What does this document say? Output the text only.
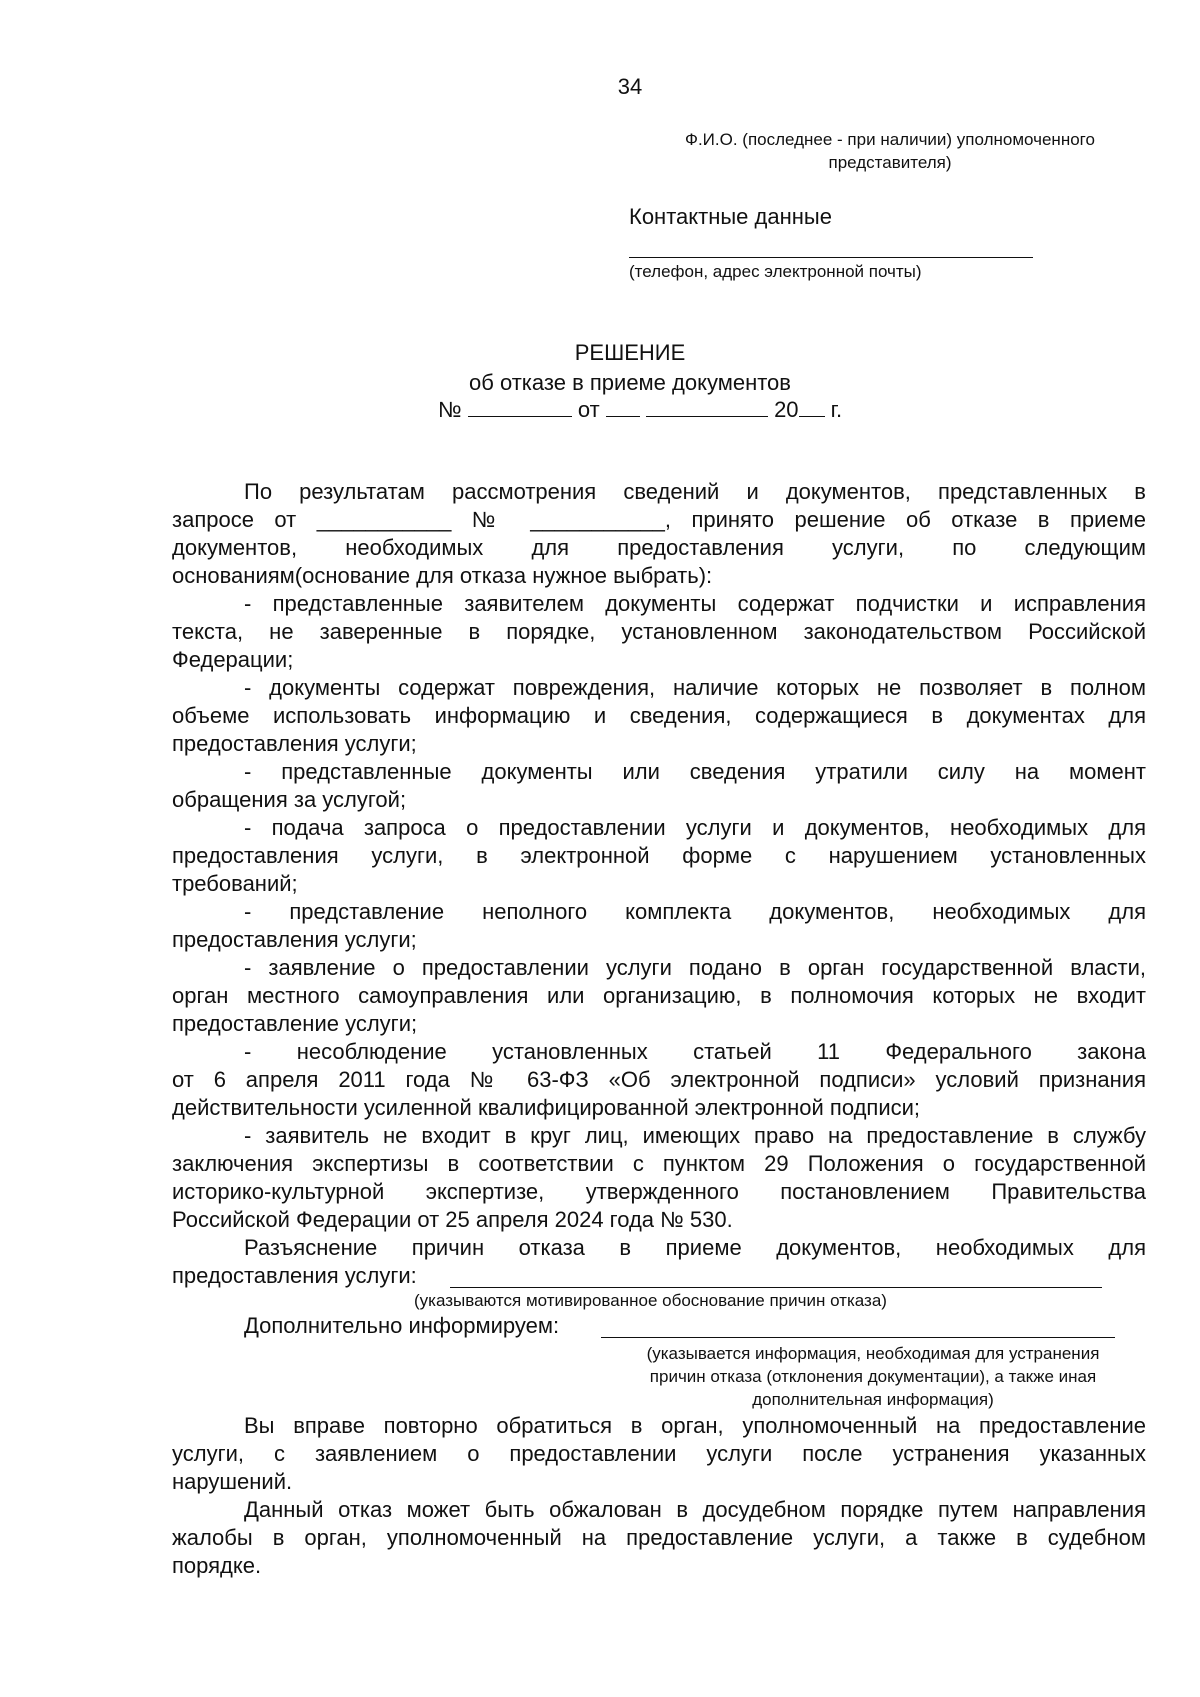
34
Ф.И.О. (последнее - при наличии) уполномоченного
представителя)
Контактные данные
(телефон, адрес электронной почты)
РЕШЕНИЕ
об отказе в приеме документов
№	от	20 г.
По результатам рассмотрения сведений и документов, представленных в
запросе от ___________ № ___________, принято решение об отказе в приеме
документов, необходимых для предоставления услуги, по следующим
основаниям(основание для отказа нужное выбрать):
- представленные заявителем документы содержат подчистки и исправления
текста, не заверенные в порядке, установленном законодательством Российской
Федерации;
- документы содержат повреждения, наличие которых не позволяет в полном
объеме использовать информацию и сведения, содержащиеся в документах для
предоставления услуги;
- представленные документы или сведения утратили силу на момент
обращения за услугой;
- подача запроса о предоставлении услуги и документов, необходимых для
предоставления услуги, в электронной форме с нарушением установленных
требований;
- представление неполного комплекта документов, необходимых для
предоставления услуги;
- заявление о предоставлении услуги подано в орган государственной власти,
орган местного самоуправления или организацию, в полномочия которых не входит
предоставление услуги;
- несоблюдение установленных статьей 11 Федерального закона
от 6 апреля 2011 года № 63-ФЗ «Об электронной подписи» условий признания
действительности усиленной квалифицированной электронной подписи;
- заявитель не входит в круг лиц, имеющих право на предоставление в службу
заключения экспертизы в соответствии с пунктом 29 Положения о государственной
историко-культурной экспертизе, утвержденного постановлением Правительства
Российской Федерации от 25 апреля 2024 года № 530.
Разъяснение причин отказа в приеме документов, необходимых для
предоставления услуги:
(указываются мотивированное обоснование причин отказа)
Дополнительно информируем:
(указывается информация, необходимая для устранения
причин отказа (отклонения документации), а также иная
дополнительная информация)
Вы вправе повторно обратиться в орган, уполномоченный на предоставление
услуги, с заявлением о предоставлении услуги после устранения указанных
нарушений.
Данный отказ может быть обжалован в досудебном порядке путем направления
жалобы в орган, уполномоченный на предоставление услуги, а также в судебном
порядке.
